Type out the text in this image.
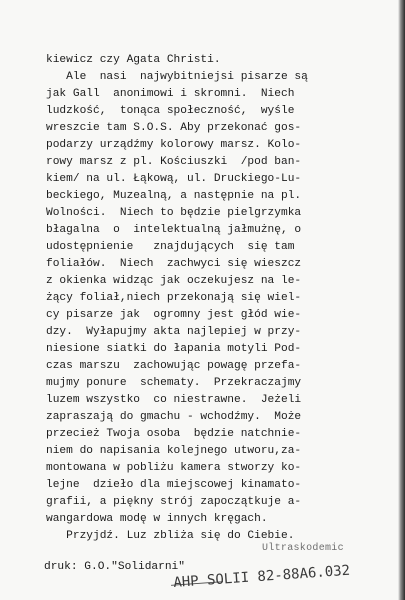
kiewicz czy Agata Christi.
Ale  nasi  najwybitniejsi pisarze są
jak Gall  anonimowi i skromni.  Niech
ludzkość,  tonąca społeczność,  wyśle
wreszcie tam S.O.S. Aby przekonać gos-
podarzy urządźmy kolorowy marsz. Kolo-
rowy marsz z pl. Kościuszki  /pod ban-
kiem/ na ul. Łąkową, ul. Druckiego-Lu-
beckiego, Muzealną, a następnie na pl.
Wolności.  Niech to będzie pielgrzymka
błagalna  o  intelektualną jałmużnę, o
udostępnienie   znajdujących  się tam
foliałów.  Niech  zachwyci się wieszcz
z okienka widząc jak oczekujesz na le-
żący foliał,niech przekonają się wiel-
cy pisarze jak  ogromny jest głód wie-
dzy.  Wyłapujmy akta najlepiej w przy-
niesione siatki do łapania motyli Pod-
czas marszu  zachowując powagę przefa-
mujmy ponure  schematy.  Przekraczajmy
luzem wszystko  co niestrawne.  Jeżeli
zapraszają do gmachu - wchodźmy.  Może
przecież Twoja osoba  będzie natchnie-
niem do napisania kolejnego utworu,za-
montowana w pobliżu kamera stworzy ko-
lejne  dzieło dla miejscowej kinamato-
grafii, a piękny strój zapoczątkuje a-
wangardowa modę w innych kręgach.
Przyjdź. Luz zbliża się do Ciebie.
Ultraskodemic
druk: G.O."Solidarni"
AHP SOLII 82-88A6.032
